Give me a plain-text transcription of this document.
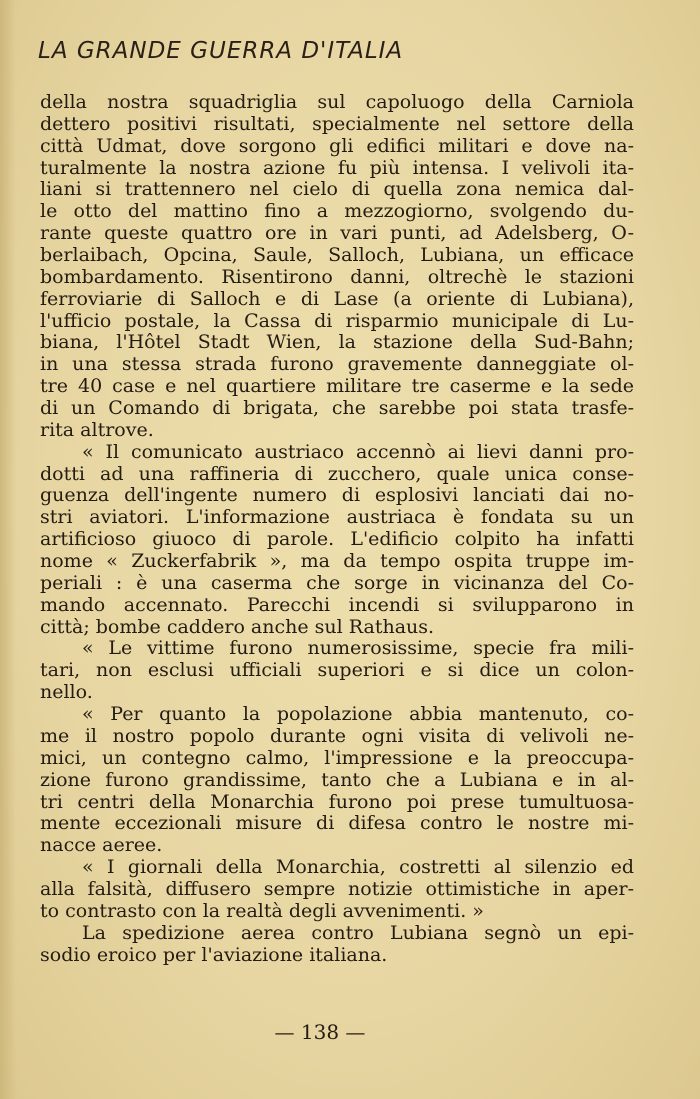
LA GRANDE GUERRA D'ITALIA
della nostra squadriglia sul capoluogo della Carniola
dettero positivi risultati, specialmente nel settore della
città Udmat, dove sorgono gli edifici militari e dove na-
turalmente la nostra azione fu più intensa. I velivoli ita-
liani si trattennero nel cielo di quella zona nemica dal-
le otto del mattino fino a mezzogiorno, svolgendo du-
rante queste quattro ore in vari punti, ad Adelsberg, O-
berlaibach, Opcina, Saule, Salloch, Lubiana, un efficace
bombardamento. Risentirono danni, oltrechè le stazioni
ferroviarie di Salloch e di Lase (a oriente di Lubiana),
l'ufficio postale, la Cassa di risparmio municipale di Lu-
biana, l'Hôtel Stadt Wien, la stazione della Sud-Bahn;
in una stessa strada furono gravemente danneggiate ol-
tre 40 case e nel quartiere militare tre caserme e la sede
di un Comando di brigata, che sarebbe poi stata trasfe-
rita altrove.
« Il comunicato austriaco accennò ai lievi danni pro-
dotti ad una raffineria di zucchero, quale unica conse-
guenza dell'ingente numero di esplosivi lanciati dai no-
stri aviatori. L'informazione austriaca è fondata su un
artificioso giuoco di parole. L'edificio colpito ha infatti
nome « Zuckerfabrik », ma da tempo ospita truppe im-
periali : è una caserma che sorge in vicinanza del Co-
mando accennato. Parecchi incendi si svilupparono in
città; bombe caddero anche sul Rathaus.
« Le vittime furono numerosissime, specie fra mili-
tari, non esclusi ufficiali superiori e si dice un colon-
nello.
« Per quanto la popolazione abbia mantenuto, co-
me il nostro popolo durante ogni visita di velivoli ne-
mici, un contegno calmo, l'impressione e la preoccupa-
zione furono grandissime, tanto che a Lubiana e in al-
tri centri della Monarchia furono poi prese tumultuosa-
mente eccezionali misure di difesa contro le nostre mi-
nacce aeree.
« I giornali della Monarchia, costretti al silenzio ed
alla falsità, diffusero sempre notizie ottimistiche in aper-
to contrasto con la realtà degli avvenimenti. »
La spedizione aerea contro Lubiana segnò un epi-
sodio eroico per l'aviazione italiana.
— 138 —
